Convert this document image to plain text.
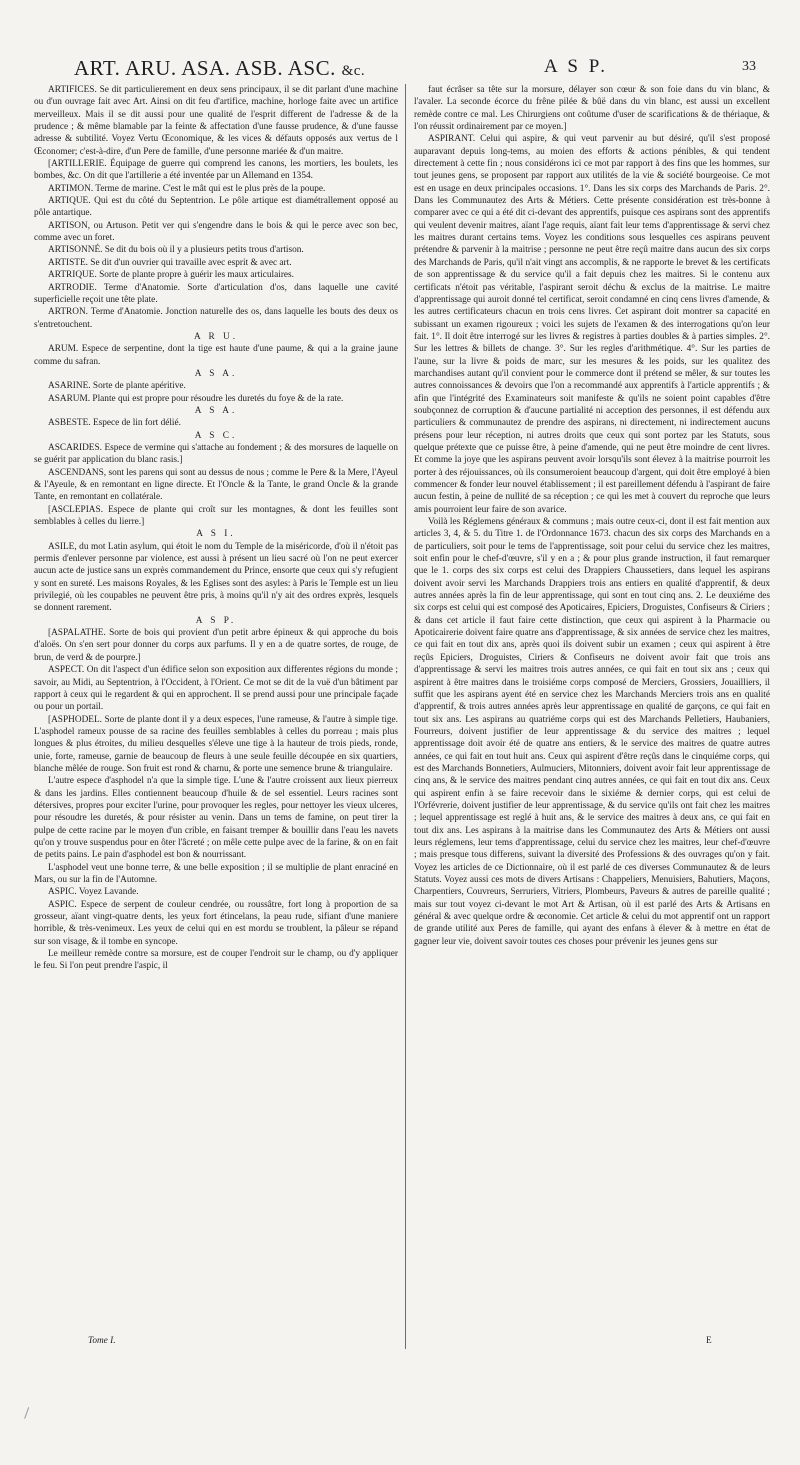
ART. ARU. ASA. ASB. ASC. &c.	A S P.	33

ARTIFICES. Se dit particulierement en deux sens principaux, il se dit parlant d'une machine ou d'un ouvrage fait avec Art. Ainsi on dit feu d'artifice, machine, horloge faite avec un artifice merveilleux. Mais il se dit aussi pour une qualité de l'esprit different de l'adresse & de la prudence ; & même blamable par la feinte & affectation d'une fausse prudence, & d'une fausse adresse & subtilité. Voyez Vertu Œconomique, & les vices & défauts opposés aux vertus de l Œconomer; c'est-à-dire, d'un Pere de famille, d'une personne mariée & d'un maitre.

[ARTILLERIE. Équipage de guerre qui comprend les canons, les mortiers, les boulets, les bombes, &c. On dit que l'artillerie a été inventée par un Allemand en 1354.

ARTIMON. Terme de marine. C'est le mât qui est le plus près de la poupe.

ARTIQUE. Qui est du côté du Septentrion. Le pôle artique est diamétrallement opposé au pôle antartique.

ARTISON, ou Artuson. Petit ver qui s'engendre dans le bois & qui le perce avec son bec, comme avec un foret.

ARTISONNÉ. Se dit du bois où il y a plusieurs petits trous d'artison.

ARTISTE. Se dit d'un ouvrier qui travaille avec esprit & avec art.

ARTRIQUE. Sorte de plante propre à guérir les maux articulaires.

ARTRODIE. Terme d'Anatomie. Sorte d'articulation d'os, dans laquelle une cavité superficielle reçoit une tête plate.

ARTRON. Terme d'Anatomie. Jonction naturelle des os, dans laquelle les bouts des deux os s'entretouchent.

A R U.

ARUM. Espece de serpentine, dont la tige est haute d'une paume, & qui a la graine jaune comme du safran.

A S A.

ASARINE. Sorte de plante apéritive.

ASARUM. Plante qui est propre pour résoudre les duretés du foye & de la rate.

A S A.

ASBESTE. Espece de lin fort délié.

A S C.

ASCARIDES. Espece de vermine qui s'attache au fondement ; & des morsures de laquelle on se guérit par application du blanc rasis.]

ASCENDANS, sont les parens qui sont au dessus de nous ; comme le Pere & la Mere, l'Ayeul & l'Ayeule, & en remontant en ligne directe. Et l'Oncle & la Tante, le grand Oncle & la grande Tante, en remontant en collatérale.

[ASCLEPIAS. Espece de plante qui croît sur les montagnes, & dont les feuilles sont semblables à celles du lierre.]

A S I.

ASILE, du mot Latin asylum, qui étoit le nom du Temple de la miséricorde, d'où il n'étoit pas permis d'enlever personne par violence, est aussi à présent un lieu sacré où l'on ne peut exercer aucun acte de justice sans un exprès commandement du Prince, ensorte que ceux qui s'y refugient y sont en sureté. Les maisons Royales, & les Eglises sont des asyles: à Paris le Temple est un lieu privilegié, où les coupables ne peuvent être pris, à moins qu'il n'y ait des ordres exprès, lesquels se donnent rarement.

A S P.

[ASPALATHE. Sorte de bois qui provient d'un petit arbre épineux & qui approche du bois d'aloës. On s'en sert pour donner du corps aux parfums. Il y en a de quatre sortes, de rouge, de brun, de verd & de pourpre.]

ASPECT. On dit l'aspect d'un édifice selon son exposition aux differentes régions du monde ; savoir, au Midi, au Septentrion, à l'Occident, à l'Orient. Ce mot se dit de la vuë d'un bâtiment par rapport à ceux qui le regardent & qui en approchent. Il se prend aussi pour une principale façade ou pour un portail.

[ASPHODEL. Sorte de plante dont il y a deux especes, l'une rameuse, & l'autre à simple tige. L'asphodel rameux pousse de sa racine des feuilles semblables à celles du porreau ; mais plus longues & plus étroites, du milieu desquelles s'éleve une tige à la hauteur de trois pieds, ronde, unie, forte, rameuse, garnie de beaucoup de fleurs à une seule feuille découpée en six quartiers, blanche mêlée de rouge. Son fruit est rond & charnu, & porte une semence brune & triangulaire.

L'autre espece d'asphodel n'a que la simple tige. L'une & l'autre croissent aux lieux pierreux & dans les jardins. Elles contiennent beaucoup d'huile & de sel essentiel. Leurs racines sont détersives, propres pour exciter l'urine, pour provoquer les regles, pour nettoyer les vieux ulceres, pour résoudre les duretés, & pour résister au venin. Dans un tems de famine, on peut tirer la pulpe de cette racine par le moyen d'un crible, en faisant tremper & bouillir dans l'eau les navets qu'on y trouve suspendus pour en ôter l'âcreté ; on mêle cette pulpe avec de la farine, & on en fait de petits pains. Le pain d'asphodel est bon & nourrissant.

L'asphodel veut une bonne terre, & une belle exposition ; il se multiplie de plant enraciné en Mars, ou sur la fin de l'Automne.

ASPIC. Voyez Lavande.

ASPIC. Espece de serpent de couleur cendrée, ou roussâtre, fort long à proportion de sa grosseur, aïant vingt-quatre dents, les yeux fort étincelans, la peau rude, sifiant d'une maniere horrible, & très-venimeux. Les yeux de celui qui en est mordu se troublent, la pâleur se répand sur son visage, & il tombe en syncope.

Le meilleur remède contre sa morsure, est de couper l'endroit sur le champ, ou d'y appliquer le feu. Si l'on peut prendre l'aspic, il

faut écrâser sa tête sur la morsure, délayer son cœur & son foie dans du vin blanc, & l'avaler. La seconde écorce du frêne pilée & bûë dans du vin blanc, est aussi un excellent remède contre ce mal. Les Chirurgiens ont coûtume d'user de scarifications & de thériaque, & l'on réussit ordinairement par ce moyen.]

ASPIRANT. Celui qui aspire, & qui veut parvenir au but désiré, qu'il s'est proposé auparavant depuis long-tems, au moien des efforts & actions pénibles, & qui tendent directement à cette fin ; nous considérons ici ce mot par rapport à des fins que les hommes, sur tout jeunes gens, se proposent par rapport aux utilités de la vie & société bourgeoise. Ce mot est en usage en deux principales occasions. 1°. Dans les six corps des Marchands de Paris. 2°. Dans les Communautez des Arts & Métiers. Cette présente considération est très-bonne à comparer avec ce qui a été dit ci-devant des apprentifs, puisque ces aspirans sont des apprentifs qui veulent devenir maitres, aïant l'age requis, aïant fait leur tems d'apprentissage & servi chez les maitres durant certains tems. Voyez les conditions sous lesquelles ces aspirans peuvent prétendre & parvenir à la maitrise ; personne ne peut être reçû maitre dans aucun des six corps des Marchands de Paris, qu'il n'ait vingt ans accomplis, & ne rapporte le brevet & les certificats de son apprentissage & du service qu'il a fait depuis chez les maitres. Si le contenu aux certificats n'étoit pas véritable, l'aspirant seroit déchu & exclus de la maitrise. Le maitre d'apprentissage qui auroit donné tel certificat, seroit condamné en cinq cens livres d'amende, & les autres certificateurs chacun en trois cens livres. Cet aspirant doit montrer sa capacité en subissant un examen rigoureux ; voici les sujets de l'examen & des interrogations qu'on leur fait. 1°. Il doit être interrogé sur les livres & registres à parties doubles & à parties simples. 2°. Sur les lettres & billets de change. 3°. Sur les regles d'arithmétique. 4°. Sur les parties de l'aune, sur la livre & poids de marc, sur les mesures & les poids, sur les qualitez des marchandises autant qu'il convient pour le commerce dont il prétend se mêler, & sur toutes les autres connoissances & devoirs que l'on a recommandé aux apprentifs à l'article apprentifs ; & afin que l'intégrité des Examinateurs soit manifeste & qu'ils ne soient point capables d'être soubçonnez de corruption & d'aucune partialité ni acception des personnes, il est défendu aux particuliers & communautez de prendre des aspirans, ni directement, ni indirectement aucuns présens pour leur réception, ni autres droits que ceux qui sont portez par les Statuts, sous quelque prétexte que ce puisse être, à peine d'amende, qui ne peut être moindre de cent livres. Et comme la joye que les aspirans peuvent avoir lorsqu'ils sont élevez à la maitrise pourroit les porter à des réjouissances, où ils consumeroient beaucoup d'argent, qui doit être employé à bien commencer & fonder leur nouvel établissement ; il est pareillement défendu à l'aspirant de faire aucun festin, à peine de nullité de sa réception ; ce qui les met à couvert du reproche que leurs amis pourroient leur faire de son avarice.

Voilà les Réglemens généraux & communs ; mais outre ceux-ci, dont il est fait mention aux articles 3, 4, & 5. du Titre 1. de l'Ordonnance 1673. chacun des six corps des Marchands en a de particuliers, soit pour le tems de l'apprentissage, soit pour celui du service chez les maitres, soit enfin pour le chef-d'œuvre, s'il y en a ; & pour plus grande instruction, il faut remarquer que le 1. corps des six corps est celui des Drappiers Chaussetiers, dans lequel les aspirans doivent avoir servi les Marchands Drappiers trois ans entiers en qualité d'apprentif, & deux autres années après la fin de leur apprentissage, qui sont en tout cinq ans. 2. Le deuxiéme des six corps est celui qui est composé des Apoticaires, Epiciers, Droguistes, Confiseurs & Ciriers ; & dans cet article il faut faire cette distinction, que ceux qui aspirent à la Pharmacie ou Apoticairerie doivent faire quatre ans d'apprentissage, & six années de service chez les maitres, ce qui fait en tout dix ans, après quoi ils doivent subir un examen ; ceux qui aspirent à être reçûs Epiciers, Droguistes, Ciriers & Confiseurs ne doivent avoir fait que trois ans d'apprentissage & servi les maitres trois autres années, ce qui fait en tout six ans ; ceux qui aspirent à être maitres dans le troisiéme corps composé de Merciers, Grossiers, Jouailliers, il suffit que les aspirans ayent été en service chez les Marchands Merciers trois ans en qualité d'apprentif, & trois autres années après leur apprentissage en qualité de garçons, ce qui fait en tout six ans. Les aspirans au quatriéme corps qui est des Marchands Pelletiers, Haubaniers, Fourreurs, doivent justifier de leur apprentissage & du service des maitres ; lequel apprentissage doit avoir été de quatre ans entiers, & le service des maitres de quatre autres années, ce qui fait en tout huit ans. Ceux qui aspirent d'être reçûs dans le cinquiéme corps, qui est des Marchands Bonnetiers, Aulmuciers, Mitonniers, doivent avoir fait leur apprentissage de cinq ans, & le service des maitres pendant cinq autres années, ce qui fait en tout dix ans. Ceux qui aspirent enfin à se faire recevoir dans le sixiéme & dernier corps, qui est celui de l'Orfévrerie, doivent justifier de leur apprentissage, & du service qu'ils ont fait chez les maitres ; lequel apprentissage est reglé à huit ans, & le service des maitres à deux ans, ce qui fait en tout dix ans. Les aspirans à la maitrise dans les Communautez des Arts & Métiers ont aussi leurs réglemens, leur tems d'apprentissage, celui du service chez les maitres, leur chef-d'œuvre ; mais presque tous differens, suivant la diversité des Professions & des ouvrages qu'on y fait. Voyez les articles de ce Dictionnaire, où il est parlé de ces diverses Communautez & de leurs Statuts. Voyez aussi ces mots de divers Artisans : Chappeliers, Menuisiers, Bahutiers, Maçons, Charpentiers, Couvreurs, Serruriers, Vitriers, Plombeurs, Paveurs & autres de pareille qualité ; mais sur tout voyez ci-devant le mot Art & Artisan, où il est parlé des Arts & Artisans en général & avec quelque ordre & œconomie. Cet article & celui du mot apprentif ont un rapport de grande utilité aux Peres de famille, qui ayant des enfans à élever & à mettre en état de gagner leur vie, doivent savoir toutes ces choses pour prévenir les jeunes gens sur

Tome I.	E
